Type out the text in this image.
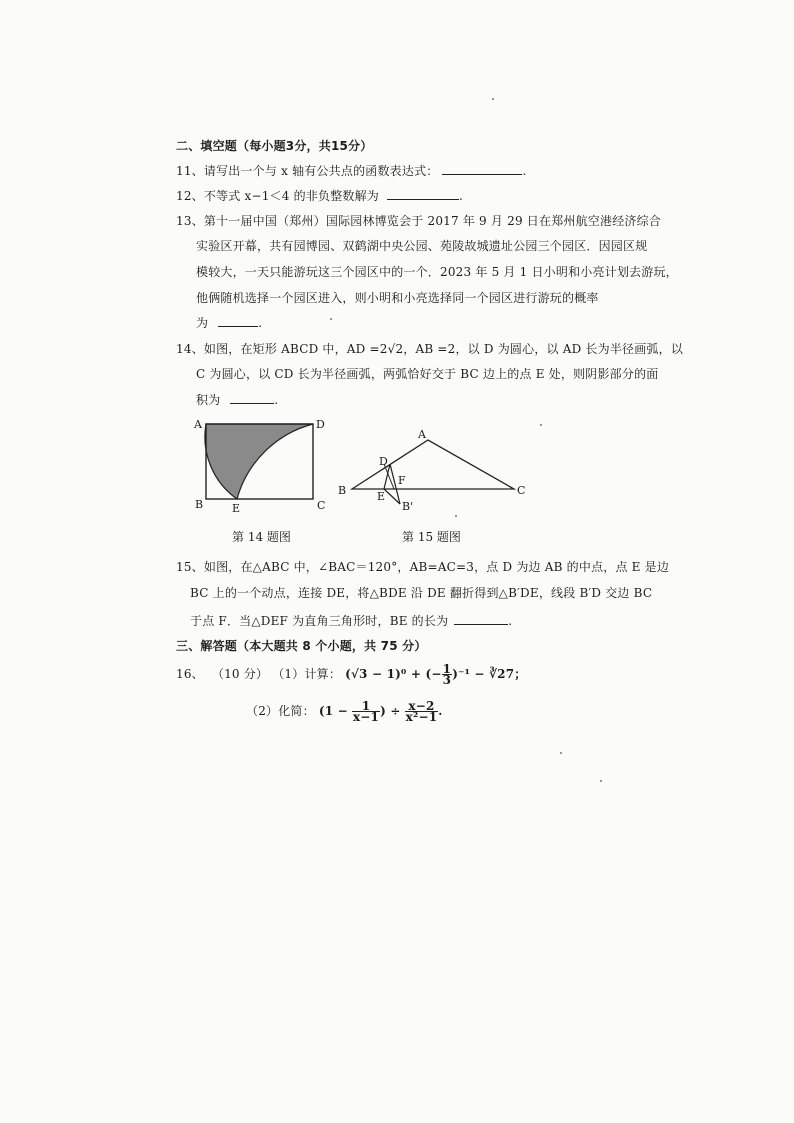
二、填空题（每小题3分，共15分）
11、请写出一个与 x 轴有公共点的函数表达式：	.
12、不等式 x−1＜4 的非负整数解为	.
13、第十一届中国（郑州）国际园林博览会于 2017 年 9 月 29 日在郑州航空港经济综合
实验区开幕，共有园博园、双鹤湖中央公园、苑陵故城遗址公园三个园区．因园区规
模较大，一天只能游玩这三个园区中的一个．2023 年 5 月 1 日小明和小亮计划去游玩，
他俩随机选择一个园区进入，则小明和小亮选择同一个园区进行游玩的概率
为	.
14、如图，在矩形 ABCD 中，AD =2√2，AB =2，以 D 为圆心，以 AD 长为半径画弧，以
C 为圆心，以 CD 长为半径画弧，两弧恰好交于 BC 边上的点 E 处，则阴影部分的面
积为	.
A	D
B	E	C
第 14 题图
A
D
F
B	E
B'
C
第 15 题图
15、如图，在△ABC 中，∠BAC＝120°，AB=AC=3，点 D 为边 AB 的中点，点 E 是边
BC 上的一个动点，连接 DE，将△BDE 沿 DE 翻折得到△B′DE，线段 B′D 交边 BC
于点 F．当△DEF 为直角三角形时，BE 的长为	.
三、解答题（本大题共 8 个小题，共 75 分）
16、 （10 分） （1）计算： (√3 − 1)⁰ + (− $\frac{1}{3} )^{-1}$ − ∛27；
（2）化简： ($1 - \frac{1}{x-1}$ ) ÷ $\frac{x-2}{\text{x²−1}}$ .
